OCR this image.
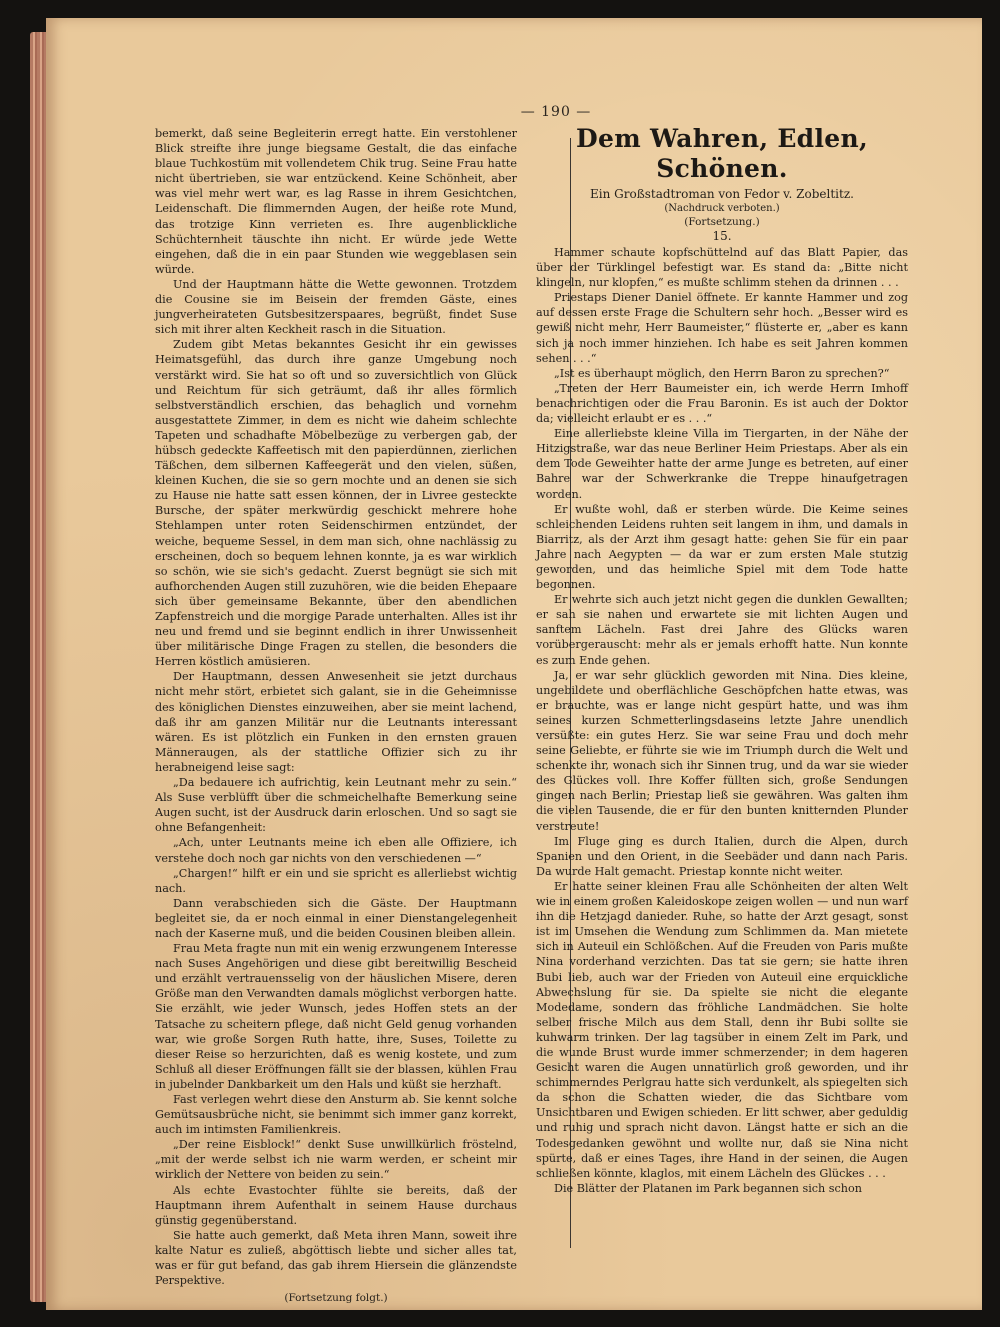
— 190 —

bemerkt, daß seine Begleiterin erregt hatte. Ein verstohlener Blick streifte ihre junge biegsame Gestalt, die das einfache blaue Tuchkostüm mit vollendetem Chik trug. Seine Frau hatte nicht übertrieben, sie war entzückend. Keine Schönheit, aber was viel mehr wert war, es lag Rasse in ihrem Gesichtchen, Leidenschaft. Die flimmernden Augen, der heiße rote Mund, das trotzige Kinn verrieten es. Ihre augenblickliche Schüchternheit täuschte ihn nicht. Er würde jede Wette eingehen, daß die in ein paar Stunden wie weggeblasen sein würde.

Und der Hauptmann hätte die Wette gewonnen. Trotzdem die Cousine sie im Beisein der fremden Gäste, eines jungverheirateten Gutsbesitzerspaares, begrüßt, findet Suse sich mit ihrer alten Keckheit rasch in die Situation.

Zudem gibt Metas bekanntes Gesicht ihr ein gewisses Heimatsgefühl, das durch ihre ganze Umgebung noch verstärkt wird. Sie hat so oft und so zuversichtlich von Glück und Reichtum für sich geträumt, daß ihr alles förmlich selbstverständlich erschien, das behaglich und vornehm ausgestattete Zimmer, in dem es nicht wie daheim schlechte Tapeten und schadhafte Möbelbezüge zu verbergen gab, der hübsch gedeckte Kaffeetisch mit den papierdünnen, zierlichen Täßchen, dem silbernen Kaffeegerät und den vielen, süßen, kleinen Kuchen, die sie so gern mochte und an denen sie sich zu Hause nie hatte satt essen können, der in Livree gesteckte Bursche, der später merkwürdig geschickt mehrere hohe Stehlampen unter roten Seidenschirmen entzündet, der weiche, bequeme Sessel, in dem man sich, ohne nachlässig zu erscheinen, doch so bequem lehnen konnte, ja es war wirklich so schön, wie sie sich's gedacht. Zuerst begnügt sie sich mit aufhorchenden Augen still zuzuhören, wie die beiden Ehepaare sich über gemeinsame Bekannte, über den abendlichen Zapfenstreich und die morgige Parade unterhalten. Alles ist ihr neu und fremd und sie beginnt endlich in ihrer Unwissenheit über militärische Dinge Fragen zu stellen, die besonders die Herren köstlich amüsieren.

Der Hauptmann, dessen Anwesenheit sie jetzt durchaus nicht mehr stört, erbietet sich galant, sie in die Geheimnisse des königlichen Dienstes einzuweihen, aber sie meint lachend, daß ihr am ganzen Militär nur die Leutnants interessant wären. Es ist plötzlich ein Funken in den ernsten grauen Männeraugen, als der stattliche Offizier sich zu ihr herabneigend leise sagt:

„Da bedauere ich aufrichtig, kein Leutnant mehr zu sein.“ Als Suse verblüfft über die schmeichelhafte Bemerkung seine Augen sucht, ist der Ausdruck darin erloschen. Und so sagt sie ohne Befangenheit:

„Ach, unter Leutnants meine ich eben alle Offiziere, ich verstehe doch noch gar nichts von den verschiedenen —“

„Chargen!“ hilft er ein und sie spricht es allerliebst wichtig nach.

Dann verabschieden sich die Gäste. Der Hauptmann begleitet sie, da er noch einmal in einer Dienstangelegenheit nach der Kaserne muß, und die beiden Cousinen bleiben allein.

Frau Meta fragte nun mit ein wenig erzwungenem Interesse nach Suses Angehörigen und diese gibt bereitwillig Bescheid und erzählt vertrauensselig von der häuslichen Misere, deren Größe man den Verwandten damals möglichst verborgen hatte. Sie erzählt, wie jeder Wunsch, jedes Hoffen stets an der Tatsache zu scheitern pflege, daß nicht Geld genug vorhanden war, wie große Sorgen Ruth hatte, ihre, Suses, Toilette zu dieser Reise so herzurichten, daß es wenig kostete, und zum Schluß all dieser Eröffnungen fällt sie der blassen, kühlen Frau in jubelnder Dankbarkeit um den Hals und küßt sie herzhaft.

Fast verlegen wehrt diese den Ansturm ab. Sie kennt solche Gemütsausbrüche nicht, sie benimmt sich immer ganz korrekt, auch im intimsten Familienkreis.

„Der reine Eisblock!“ denkt Suse unwillkürlich fröstelnd, „mit der werde selbst ich nie warm werden, er scheint mir wirklich der Nettere von beiden zu sein.“

Als echte Evastochter fühlte sie bereits, daß der Hauptmann ihrem Aufenthalt in seinem Hause durchaus günstig gegenüberstand.

Sie hatte auch gemerkt, daß Meta ihren Mann, soweit ihre kalte Natur es zuließ, abgöttisch liebte und sicher alles tat, was er für gut befand, das gab ihrem Hiersein die glänzendste Perspektive.

(Fortsetzung folgt.)
Dem Wahren, Edlen, Schönen.
Ein Großstadtroman von Fedor v. Zobeltitz.
(Nachdruck verboten.)
(Fortsetzung.)
15.

Hammer schaute kopfschüttelnd auf das Blatt Papier, das über der Türklingel befestigt war. Es stand da: „Bitte nicht klingeln, nur klopfen,“ es mußte schlimm stehen da drinnen . . .

Priestaps Diener Daniel öffnete. Er kannte Hammer und zog auf dessen erste Frage die Schultern sehr hoch. „Besser wird es gewiß nicht mehr, Herr Baumeister,“ flüsterte er, „aber es kann sich ja noch immer hinziehen. Ich habe es seit Jahren kommen sehen . . .“

„Ist es überhaupt möglich, den Herrn Baron zu sprechen?“

„Treten der Herr Baumeister ein, ich werde Herrn Imhoff benachrichtigen oder die Frau Baronin. Es ist auch der Doktor da; vielleicht erlaubt er es . . .“

Eine allerliebste kleine Villa im Tiergarten, in der Nähe der Hitzigstraße, war das neue Berliner Heim Priestaps. Aber als ein dem Tode Geweihter hatte der arme Junge es betreten, auf einer Bahre war der Schwerkranke die Treppe hinaufgetragen worden.

Er wußte wohl, daß er sterben würde. Die Keime seines schleichenden Leidens ruhten seit langem in ihm, und damals in Biarritz, als der Arzt ihm gesagt hatte: gehen Sie für ein paar Jahre nach Aegypten — da war er zum ersten Male stutzig geworden, und das heimliche Spiel mit dem Tode hatte begonnen.

Er wehrte sich auch jetzt nicht gegen die dunklen Gewallten; er sah sie nahen und erwartete sie mit lichten Augen und sanftem Lächeln. Fast drei Jahre des Glücks waren vorübergerauscht: mehr als er jemals erhofft hatte. Nun konnte es zum Ende gehen.

Ja, er war sehr glücklich geworden mit Nina. Dies kleine, ungebildete und oberflächliche Geschöpfchen hatte etwas, was er brauchte, was er lange nicht gespürt hatte, und was ihm seines kurzen Schmetterlingsdaseins letzte Jahre unendlich versüßte: ein gutes Herz. Sie war seine Frau und doch mehr seine Geliebte, er führte sie wie im Triumph durch die Welt und schenkte ihr, wonach sich ihr Sinnen trug, und da war sie wieder des Glückes voll. Ihre Koffer füllten sich, große Sendungen gingen nach Berlin; Priestap ließ sie gewähren. Was galten ihm die vielen Tausende, die er für den bunten knitternden Plunder verstreute!

Im Fluge ging es durch Italien, durch die Alpen, durch Spanien und den Orient, in die Seebäder und dann nach Paris. Da wurde Halt gemacht. Priestap konnte nicht weiter.

Er hatte seiner kleinen Frau alle Schönheiten der alten Welt wie in einem großen Kaleidoskope zeigen wollen — und nun warf ihn die Hetzjagd danieder. Ruhe, so hatte der Arzt gesagt, sonst ist im Umsehen die Wendung zum Schlimmen da. Man mietete sich in Auteuil ein Schlößchen. Auf die Freuden von Paris mußte Nina vorderhand verzichten. Das tat sie gern; sie hatte ihren Bubi lieb, auch war der Frieden von Auteuil eine erquickliche Abwechslung für sie. Da spielte sie nicht die elegante Modedame, sondern das fröhliche Landmädchen. Sie holte selber frische Milch aus dem Stall, denn ihr Bubi sollte sie kuhwarm trinken. Der lag tagsüber in einem Zelt im Park, und die wunde Brust wurde immer schmerzender; in dem hageren Gesicht waren die Augen unnatürlich groß geworden, und ihr schimmerndes Perlgrau hatte sich verdunkelt, als spiegelten sich da schon die Schatten wieder, die das Sichtbare vom Unsichtbaren und Ewigen schieden. Er litt schwer, aber geduldig und ruhig und sprach nicht davon. Längst hatte er sich an die Todesgedanken gewöhnt und wollte nur, daß sie Nina nicht spürte, daß er eines Tages, ihre Hand in der seinen, die Augen schließen könnte, klaglos, mit einem Lächeln des Glückes . . .

Die Blätter der Platanen im Park begannen sich schon
